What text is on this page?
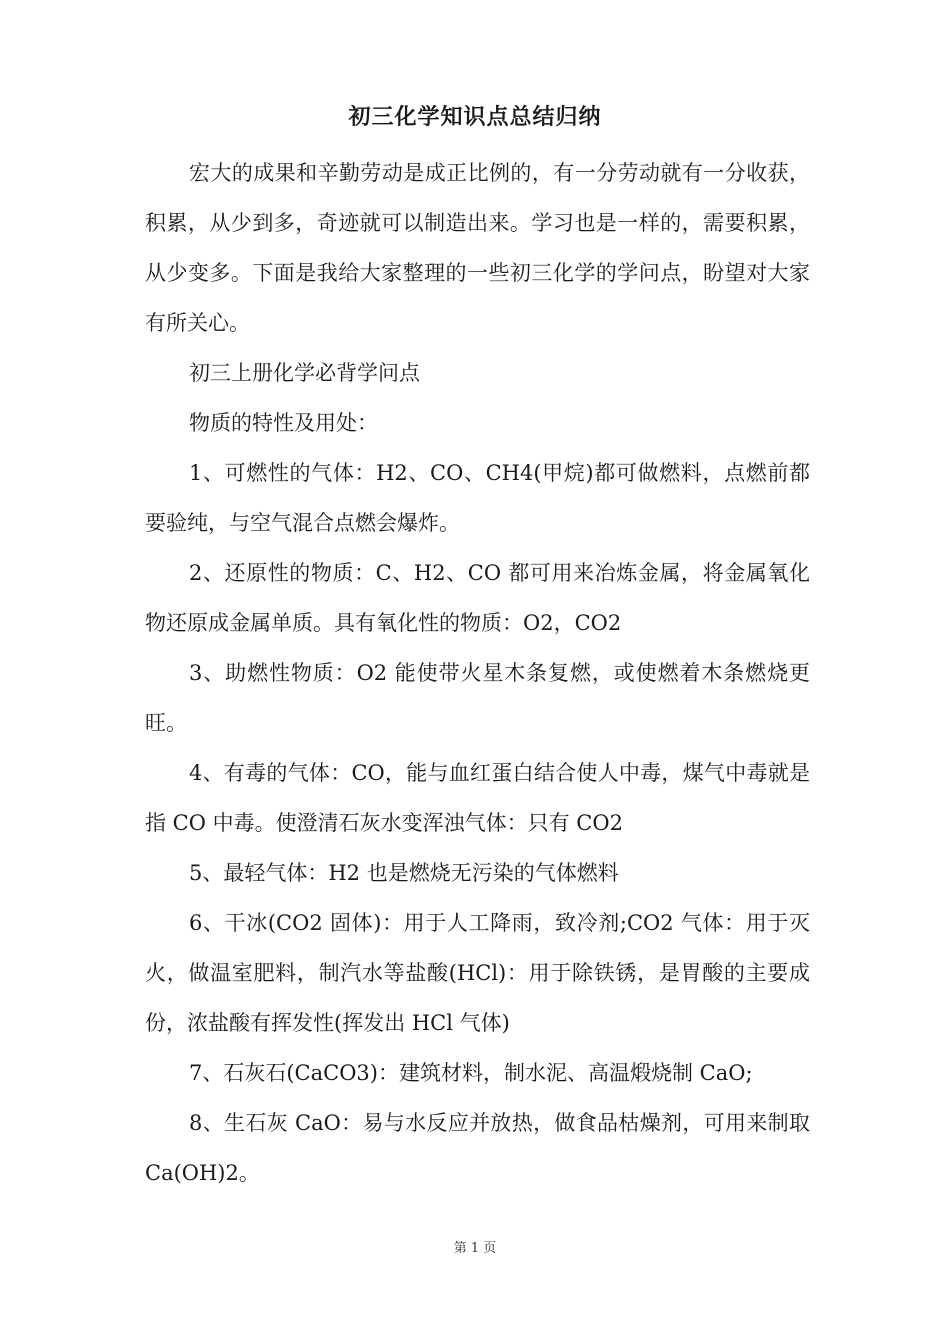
初三化学知识点总结归纳

宏大的成果和辛勤劳动是成正比例的，有一分劳动就有一分收获，积累，从少到多，奇迹就可以制造出来。学习也是一样的，需要积累，从少变多。下面是我给大家整理的一些初三化学的学问点，盼望对大家有所关心。

初三上册化学必背学问点

物质的特性及用处：

1、可燃性的气体：H2、CO、CH4(甲烷)都可做燃料，点燃前都要验纯，与空气混合点燃会爆炸。

2、还原性的物质：C、H2、CO 都可用来冶炼金属，将金属氧化物还原成金属单质。具有氧化性的物质：O2，CO2

3、助燃性物质：O2 能使带火星木条复燃，或使燃着木条燃烧更旺。

4、有毒的气体：CO，能与血红蛋白结合使人中毒，煤气中毒就是指 CO 中毒。使澄清石灰水变浑浊气体：只有 CO2

5、最轻气体：H2 也是燃烧无污染的气体燃料

6、干冰(CO2 固体)：用于人工降雨，致冷剂;CO2 气体：用于灭火，做温室肥料，制汽水等盐酸(HCl)：用于除铁锈，是胃酸的主要成份，浓盐酸有挥发性(挥发出 HCl 气体)

7、石灰石(CaCO3)：建筑材料，制水泥、高温煅烧制 CaO;

8、生石灰 CaO：易与水反应并放热，做食品枯燥剂，可用来制取 Ca(OH)2。

第 1 页
